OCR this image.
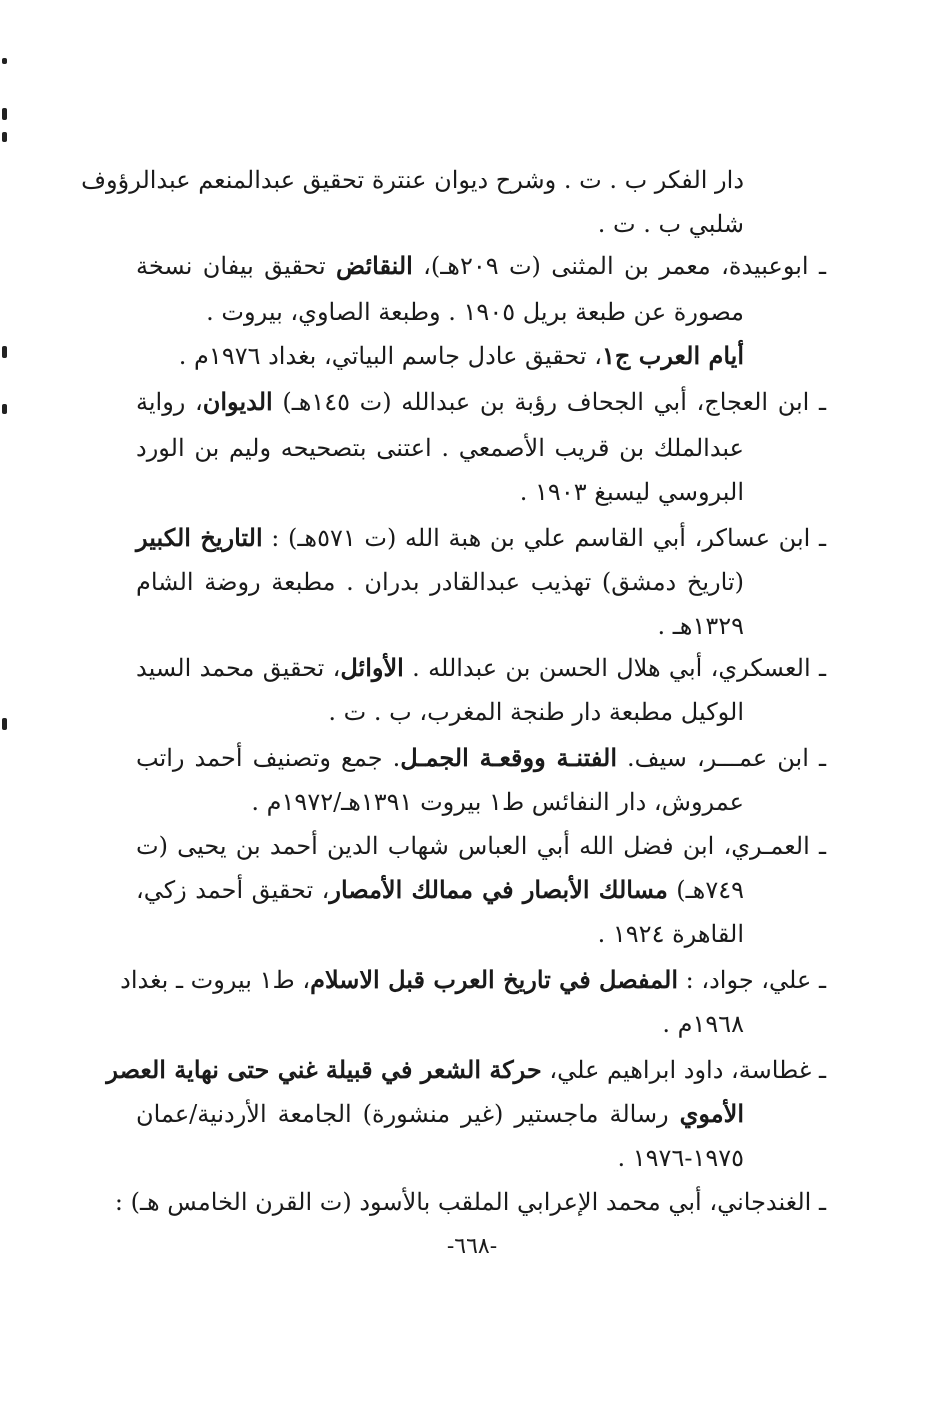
دار الفكر ب . ت . وشرح ديوان عنترة تحقيق عبدالمنعم عبدالرؤوف
شلبي ب . ت .
ـ ابوعبيدة، معمر بن المثنى (ت ٢٠٩هـ)، النقائض تحقيق بيفان نسخة
مصورة عن طبعة بريل ١٩٠٥ . وطبعة الصاوي، بيروت .
أيام العرب ج١، تحقيق عادل جاسم البياتي، بغداد ١٩٧٦م .
ـ ابن العجاج، أبي الجحاف رؤبة بن عبدالله (ت ١٤٥هـ) الديوان، رواية
عبدالملك بن قريب الأصمعي . اعتنى بتصحيحه وليم بن الورد
البروسي ليسبغ ١٩٠٣ .
ـ ابن عساكر، أبي القاسم علي بن هبة الله (ت ٥٧١هـ) : التاريخ الكبير
(تاريخ دمشق) تهذيب عبدالقادر بدران . مطبعة روضة الشام
١٣٢٩هـ .
ـ العسكري، أبي هلال الحسن بن عبدالله . الأوائل، تحقيق محمد السيد
الوكيل مطبعة دار طنجة المغرب، ب . ت .
ـ ابن عمـــر، سيف. الفتنـة ووقعـة الجمـل. جمع وتصنيف أحمد راتب
عمروش، دار النفائس ط١ بيروت ١٣٩١هـ/١٩٧٢م .
ـ العمـري، ابن فضل الله أبي العباس شهاب الدين أحمد بن يحيى (ت
٧٤٩هـ) مسالك الأبصار في ممالك الأمصار، تحقيق أحمد زكي،
القاهرة ١٩٢٤ .
ـ علي، جواد، : المفصل في تاريخ العرب قبل الاسلام، ط١ بيروت ـ بغداد
١٩٦٨م .
ـ غطاسة، داود ابراهيم علي، حركة الشعر في قبيلة غني حتى نهاية العصر
الأموي رسالة ماجستير (غير منشورة) الجامعة الأردنية/عمان
١٩٧٥-١٩٧٦ .
ـ الغندجاني، أبي محمد الإعرابي الملقب بالأسود (ت القرن الخامس هـ) :
-٦٦٨-
